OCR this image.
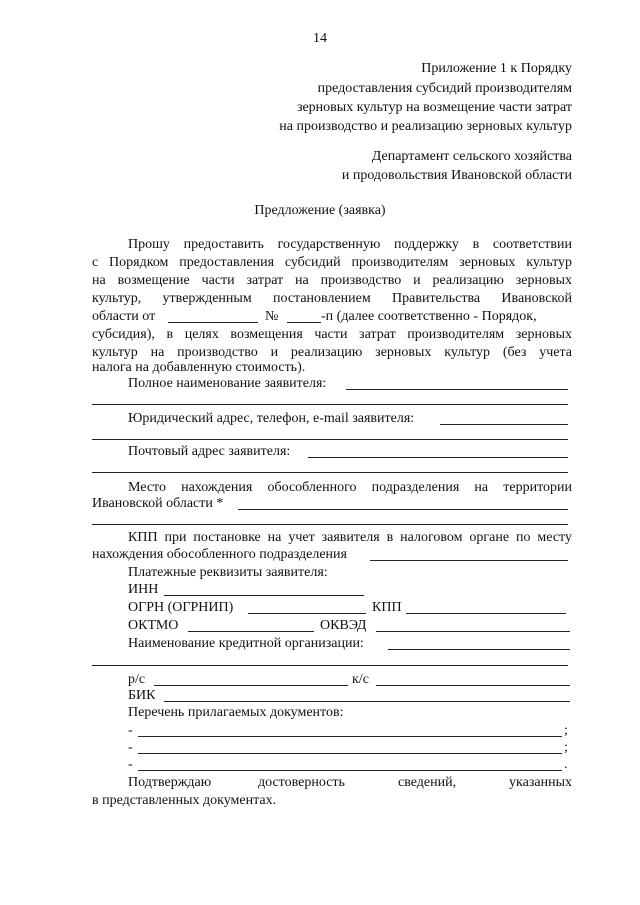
14
Приложение 1 к Порядку
предоставления субсидий производителям
зерновых культур на возмещение части затрат
на производство и реализацию зерновых культур
Департамент сельского хозяйства
и продовольствия Ивановской области
Предложение (заявка)
Прошу предоставить государственную поддержку в соответствии
с Порядком предоставления субсидий производителям зерновых культур
на возмещение части затрат на производство и реализацию зерновых
культур, утвержденным постановлением Правительства Ивановской
области от	№	-п (далее соответственно - Порядок,
субсидия), в целях возмещения части затрат производителям зерновых
культур на производство и реализацию зерновых культур (без учета
налога на добавленную стоимость).
Полное наименование заявителя:
Юридический адрес, телефон, e-mail заявителя:
Почтовый адрес заявителя:
Место нахождения обособленного подразделения на территории
Ивановской области *
КПП при постановке на учет заявителя в налоговом органе по месту
нахождения обособленного подразделения
Платежные реквизиты заявителя:
ИНН
ОГРН (ОГРНИП)	КПП
ОКТМО	ОКВЭД
Наименование кредитной организации:
р/с	к/с
БИК
Перечень прилагаемых документов:
-	;
-	;
-	.
Подтверждаю	достоверность	сведений,	указанных
в представленных документах.
